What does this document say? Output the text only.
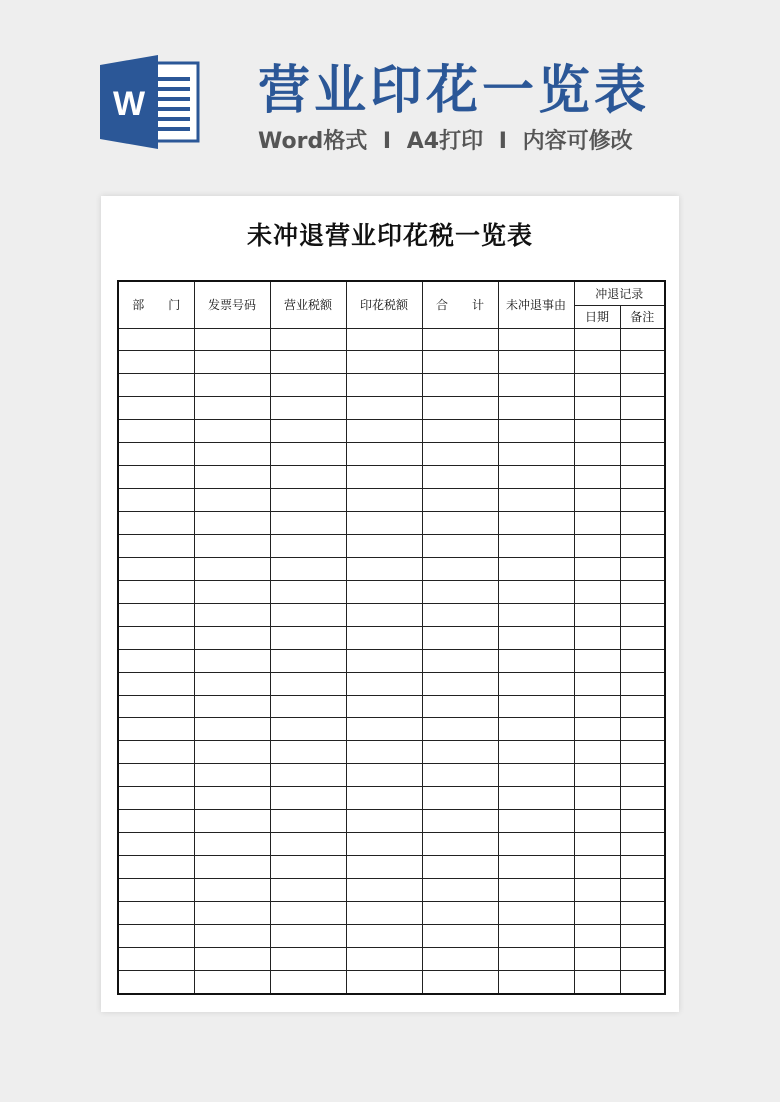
W 营业印花一览表
Word格式 I A4打印 I 内容可修改
未冲退营业印花税一览表
部　　门	发票号码	营业税额	印花税额	合　　计	未冲退事由	冲退记录	
						日期	备注
